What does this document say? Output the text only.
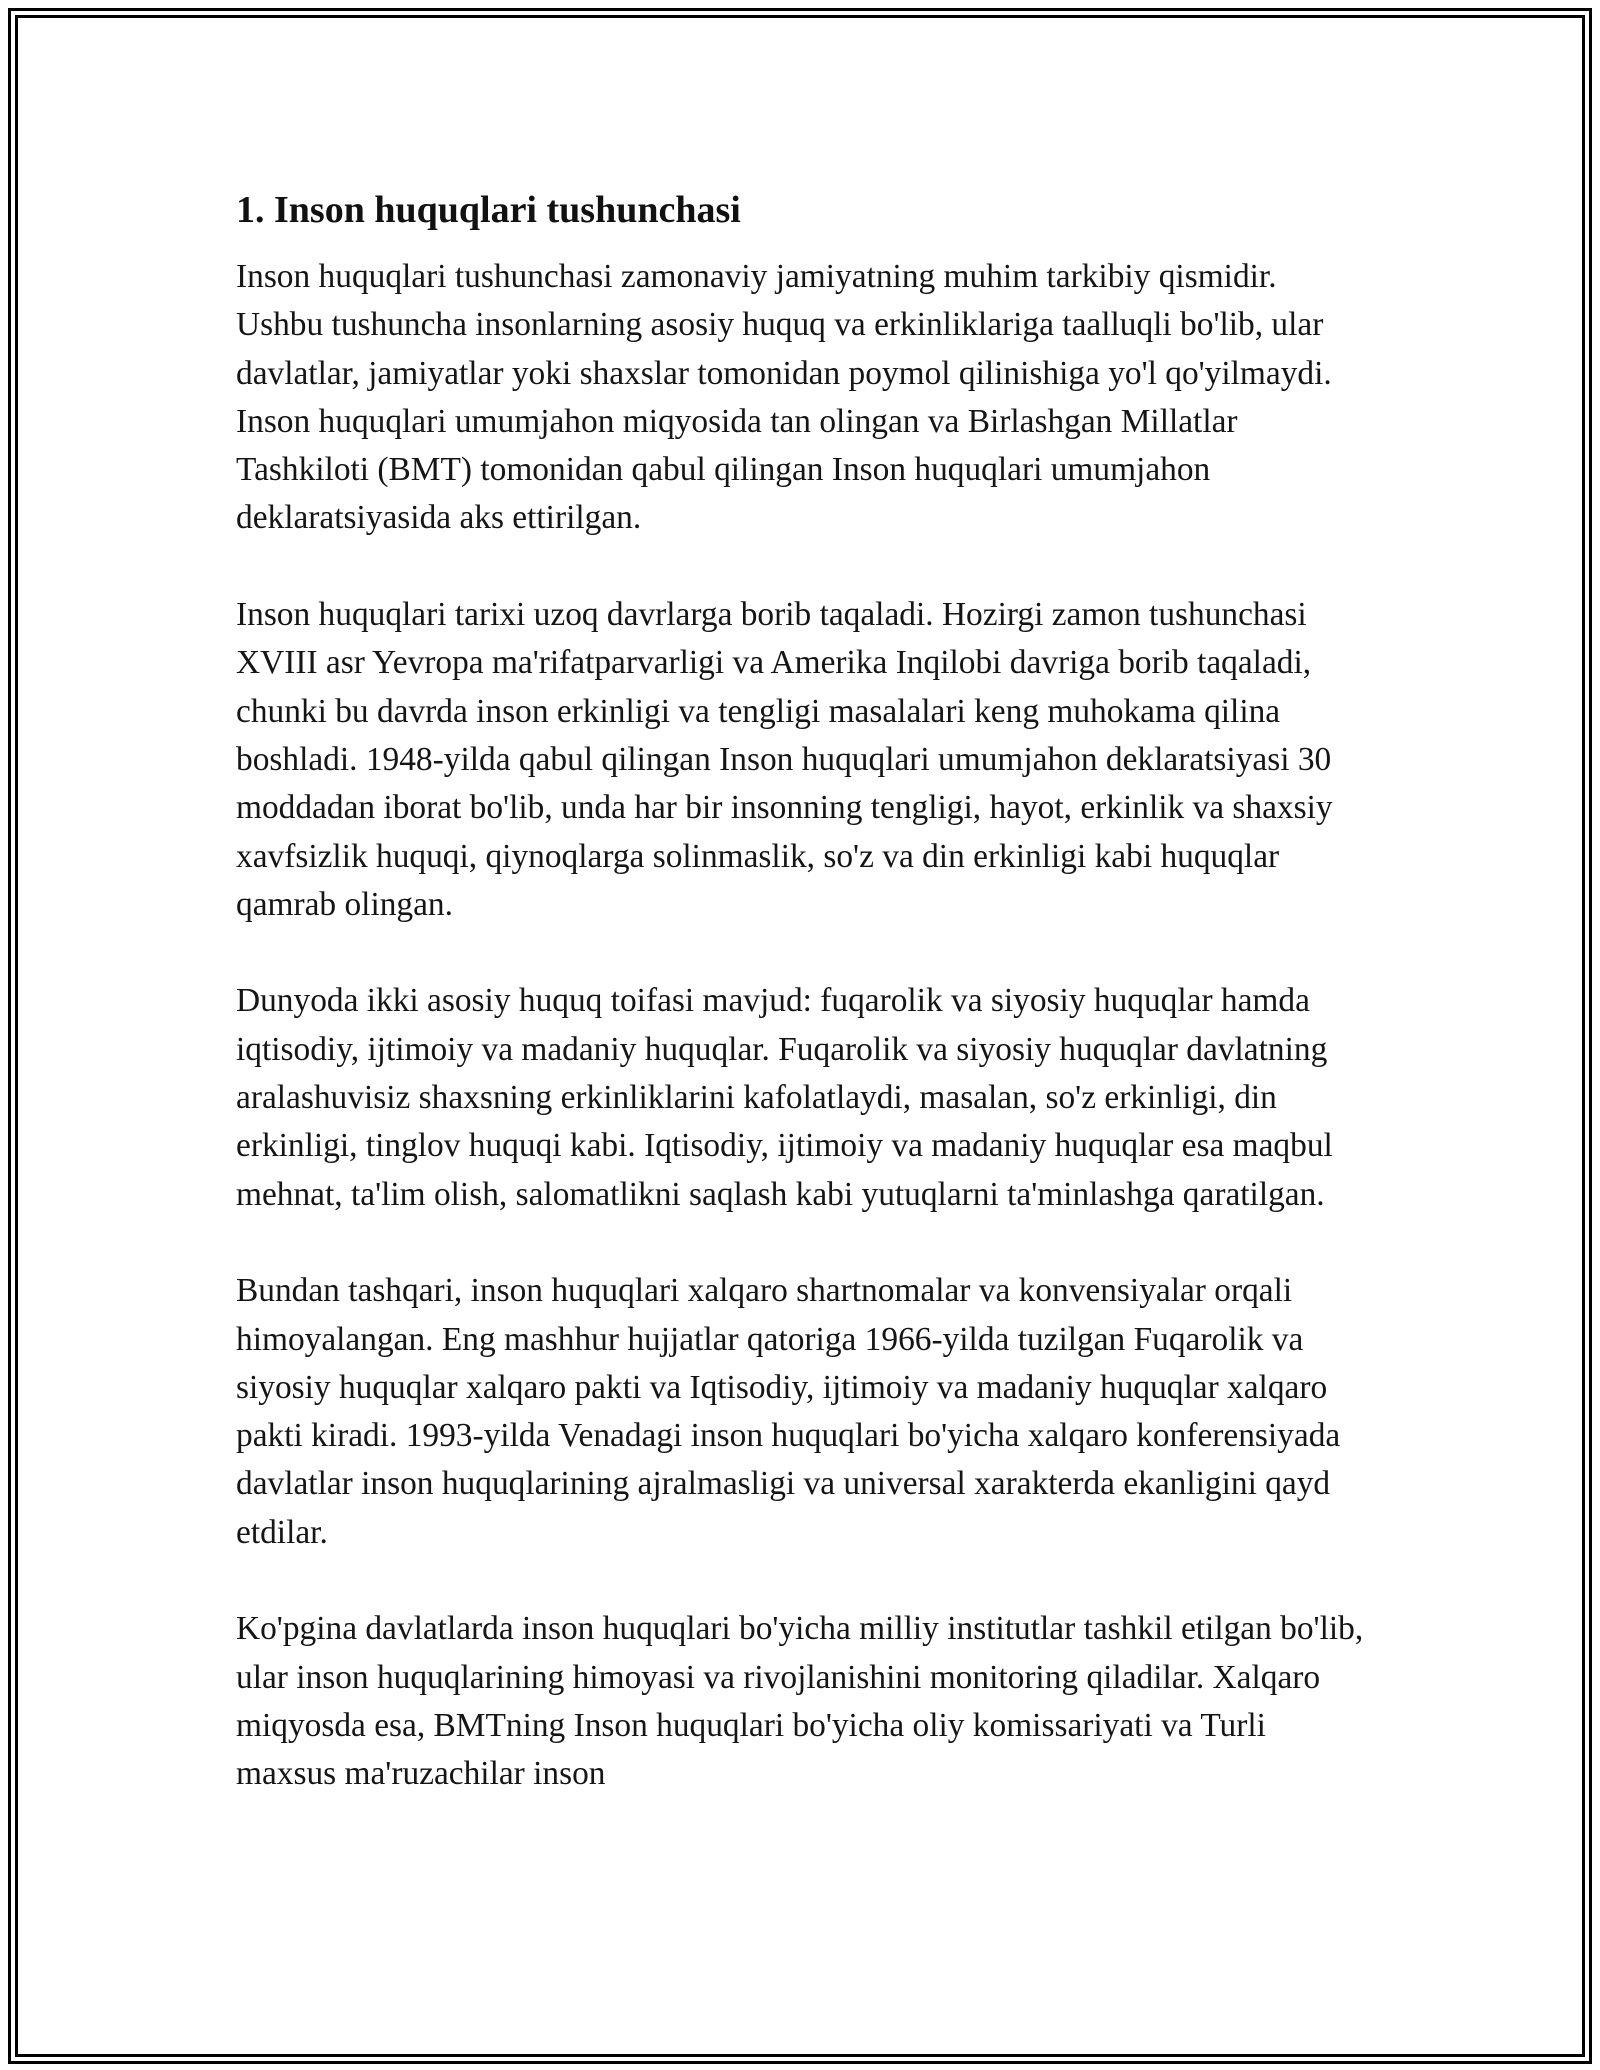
1. Inson huquqlari tushunchasi

Inson huquqlari tushunchasi zamonaviy jamiyatning muhim tarkibiy qismidir. Ushbu tushuncha insonlarning asosiy huquq va erkinliklariga taalluqli bo'lib, ular davlatlar, jamiyatlar yoki shaxslar tomonidan poymol qilinishiga yo'l qo'yilmaydi. Inson huquqlari umumjahon miqyosida tan olingan va Birlashgan Millatlar Tashkiloti (BMT) tomonidan qabul qilingan Inson huquqlari umumjahon deklaratsiyasida aks ettirilgan.

Inson huquqlari tarixi uzoq davrlarga borib taqaladi. Hozirgi zamon tushunchasi XVIII asr Yevropa ma'rifatparvarligi va Amerika Inqilobi davriga borib taqaladi, chunki bu davrda inson erkinligi va tengligi masalalari keng muhokama qilina boshladi. 1948-yilda qabul qilingan Inson huquqlari umumjahon deklaratsiyasi 30 moddadan iborat bo'lib, unda har bir insonning tengligi, hayot, erkinlik va shaxsiy xavfsizlik huquqi, qiynoqlarga solinmaslik, so'z va din erkinligi kabi huquqlar qamrab olingan.

Dunyoda ikki asosiy huquq toifasi mavjud: fuqarolik va siyosiy huquqlar hamda iqtisodiy, ijtimoiy va madaniy huquqlar. Fuqarolik va siyosiy huquqlar davlatning aralashuvisiz shaxsning erkinliklarini kafolatlaydi, masalan, so'z erkinligi, din erkinligi, tinglov huquqi kabi. Iqtisodiy, ijtimoiy va madaniy huquqlar esa maqbul mehnat, ta'lim olish, salomatlikni saqlash kabi yutuqlarni ta'minlashga qaratilgan.

Bundan tashqari, inson huquqlari xalqaro shartnomalar va konvensiyalar orqali himoyalangan. Eng mashhur hujjatlar qatoriga 1966-yilda tuzilgan Fuqarolik va siyosiy huquqlar xalqaro pakti va Iqtisodiy, ijtimoiy va madaniy huquqlar xalqaro pakti kiradi. 1993-yilda Venadagi inson huquqlari bo'yicha xalqaro konferensiyada davlatlar inson huquqlarining ajralmasligi va universal xarakterda ekanligini qayd etdilar.

Ko'pgina davlatlarda inson huquqlari bo'yicha milliy institutlar tashkil etilgan bo'lib, ular inson huquqlarining himoyasi va rivojlanishini monitoring qiladilar. Xalqaro miqyosda esa, BMTning Inson huquqlari bo'yicha oliy komissariyati va Turli maxsus ma'ruzachilar inson
